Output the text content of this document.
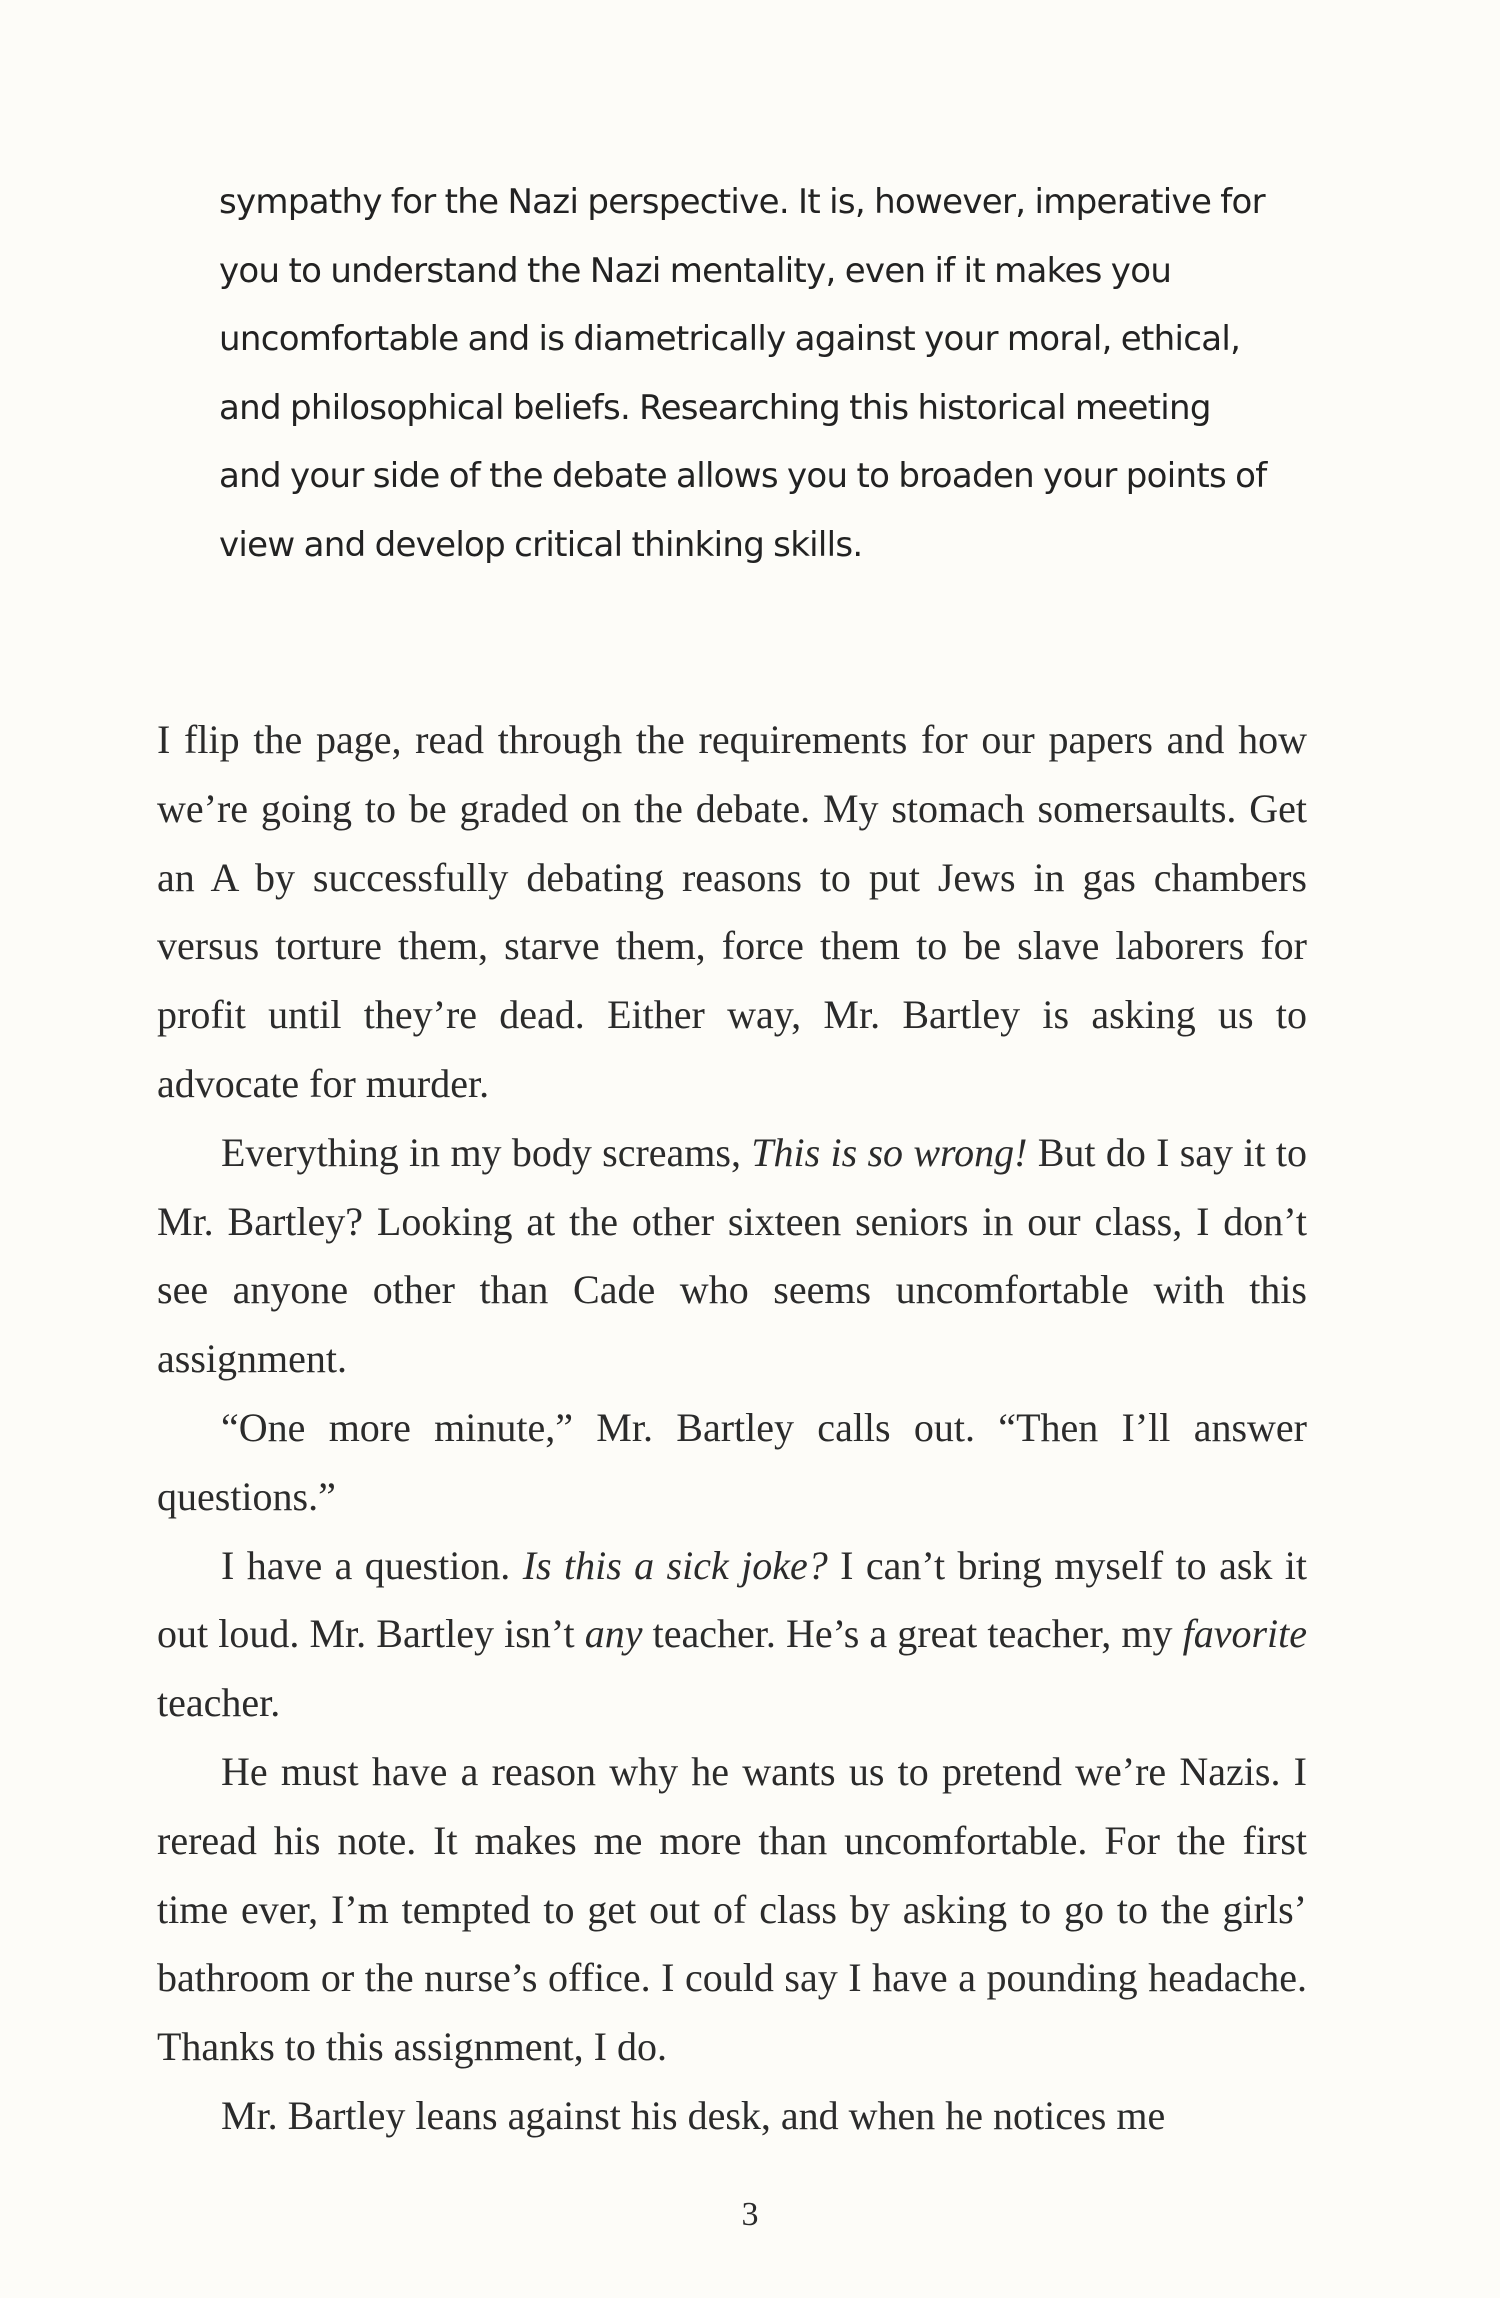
sympathy for the Nazi perspective. It is, however, imperative for you to understand the Nazi mentality, even if it makes you uncomfortable and is diametrically against your moral, ethical, and philosophical beliefs. Researching this historical meeting and your side of the debate allows you to broaden your points of view and develop critical thinking skills.

I flip the page, read through the requirements for our papers and how we’re going to be graded on the debate. My stomach somersaults. Get an A by successfully debating reasons to put Jews in gas chambers versus torture them, starve them, force them to be slave laborers for profit until they’re dead. Either way, Mr. Bartley is asking us to advocate for murder.

Everything in my body screams, This is so wrong! But do I say it to Mr. Bartley? Looking at the other sixteen seniors in our class, I don’t see anyone other than Cade who seems uncomfortable with this assignment.

“One more minute,” Mr. Bartley calls out. “Then I’ll answer questions.”

I have a question. Is this a sick joke? I can’t bring myself to ask it out loud. Mr. Bartley isn’t any teacher. He’s a great teacher, my favorite teacher.

He must have a reason why he wants us to pretend we’re Nazis. I reread his note. It makes me more than uncomfortable. For the first time ever, I’m tempted to get out of class by asking to go to the girls’ bathroom or the nurse’s office. I could say I have a pounding headache. Thanks to this assignment, I do.

Mr. Bartley leans against his desk, and when he notices me

3
